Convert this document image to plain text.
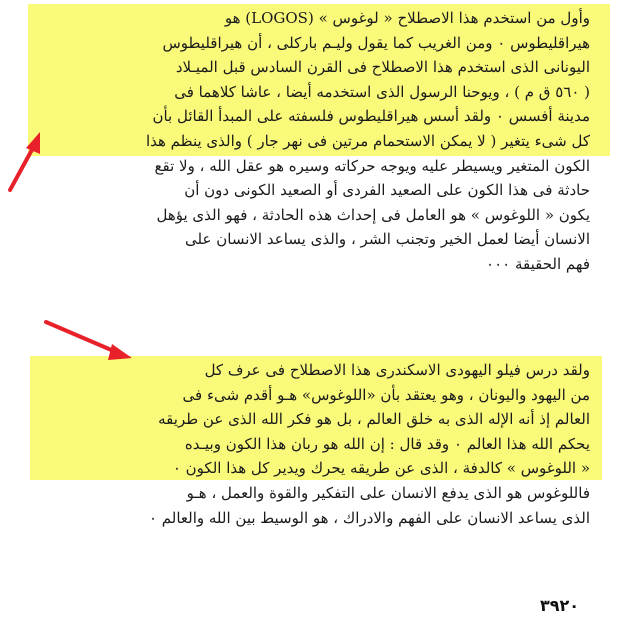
وأول من استخدم هذا الاصطلاح « لوغوس » (LOGOS) هو
هيراقليطوس ٠ ومن الغريب كما يقول وليـم باركلى ، أن هيراقليطوس
اليونانى الذى استخدم هذا الاصطلاح فى القرن السادس قبل الميـلاد
( ٥٦٠ ق م ) ، ويوحنا الرسول الذى استخدمه أيضا ، عاشا كلاهما فى
مدينة أفسس ٠ ولقد أسس هيراقليطوس فلسفته على المبدأ القائل بأن
كل شىء يتغير ( لا يمكن الاستحمام مرتين فى نهر جار ) والذى ينظم هذا
الكون المتغير ويسيطر عليه ويوجه حركاته وسيره هو عقل الله ، ولا تقع
حادثة فى هذا الكون على الصعيد الفردى أو الصعيد الكونى دون أن
يكون « اللوغوس » هو العامل فى إحداث هذه الحادثة ، فهو الذى يؤهل
الانسان أيضا لعمل الخير وتجنب الشر ، والذى يساعد الانسان على
فهم الحقيقة ٠٠٠
ولقد درس فيلو اليهودى الاسكندرى هذا الاصطلاح فى عرف كل
من اليهود واليونان ، وهو يعتقد بأن «اللوغوس» هـو أقدم شىء فى
العالم إذ أنه الإله الذى به خلق العالم ، بل هو فكر الله الذى عن طريقه
يحكم الله هذا العالم ٠ وقد قال : إن الله هو ربان هذا الكون وبيـده
« اللوغوس » كالدفة ، الذى عن طريقه يحرك ويدير كل هذا الكون ٠
فاللوغوس هو الذى يدفع الانسان على التفكير والقوة والعمل ، هـو
الذى يساعد الانسان على الفهم والادراك ، هو الوسيط بين الله والعالم ٠
٣٩٢٠
